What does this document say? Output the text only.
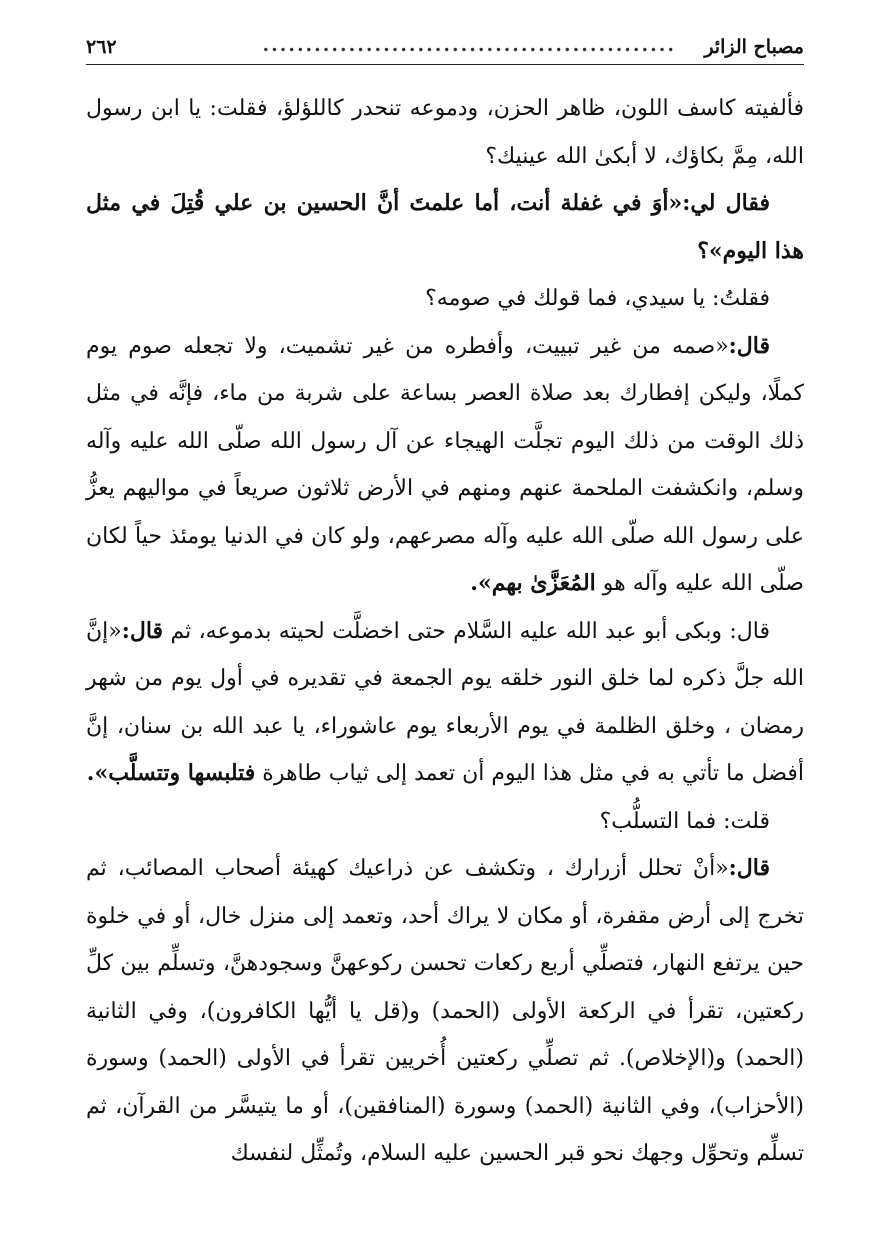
مصباح الزائر
................................................
٢٦٢

فألفيته كاسف اللون، ظاهر الحزن، ودموعه تنحدر كاللؤلؤ، فقلت: يا ابن رسول الله، مِمَّ بكاؤك، لا أبكىٰ الله عينيك؟

فقال لي:«أوَ في غفلة أنت، أما علمتَ أنَّ الحسين بن علي قُتِلَ في مثل هذا اليوم»؟

فقلتُ: يا سيدي، فما قولك في صومه؟

قال:«صمه من غير تبييت، وأفطره من غير تشميت، ولا تجعله صوم يوم كملًا، وليكن إفطارك بعد صلاة العصر بساعة على شربة من ماء، فإنَّه في مثل ذلك الوقت من ذلك اليوم تجلَّت الهيجاء عن آل رسول الله صلّى الله عليه وآله وسلم، وانكشفت الملحمة عنهم ومنهم في الأرض ثلاثون صريعاً في مواليهم يعزُّ على رسول الله صلّى الله عليه وآله مصرعهم، ولو كان في الدنيا يومئذ حياً لكان صلّى الله عليه وآله هو المُعَزَّىٰ بهم».

قال: وبكى أبو عبد الله عليه السَّلام حتى اخضلَّت لحيته بدموعه، ثم قال:«إنَّ الله جلَّ ذكره لما خلق النور خلقه يوم الجمعة في تقديره في أول يوم من شهر رمضان ، وخلق الظلمة في يوم الأربعاء يوم عاشوراء، يا عبد الله بن سنان، إنَّ أفضل ما تأتي به في مثل هذا اليوم أن تعمد إلى ثياب طاهرة فتلبسها وتتسلَّب».

قلت: فما التسلُّب؟

قال:«أنْ تحلل أزرارك ، وتكشف عن ذراعيك كهيئة أصحاب المصائب، ثم تخرج إلى أرض مقفرة، أو مكان لا يراك أحد، وتعمد إلى منزل خال، أو في خلوة حين يرتفع النهار، فتصلِّي أربع ركعات تحسن ركوعهنَّ وسجودهنَّ، وتسلِّم بين كلِّ ركعتين، تقرأ في الركعة الأولى (الحمد) و(قل يا أيُّها الكافرون)، وفي الثانية (الحمد) و(الإخلاص). ثم تصلِّي ركعتين أُخريين تقرأ في الأولى (الحمد) وسورة (الأحزاب)، وفي الثانية (الحمد) وسورة (المنافقين)، أو ما يتيسَّر من القرآن، ثم تسلِّم وتحوِّل وجهك نحو قبر الحسين عليه السلام، وتُمثِّل لنفسك
